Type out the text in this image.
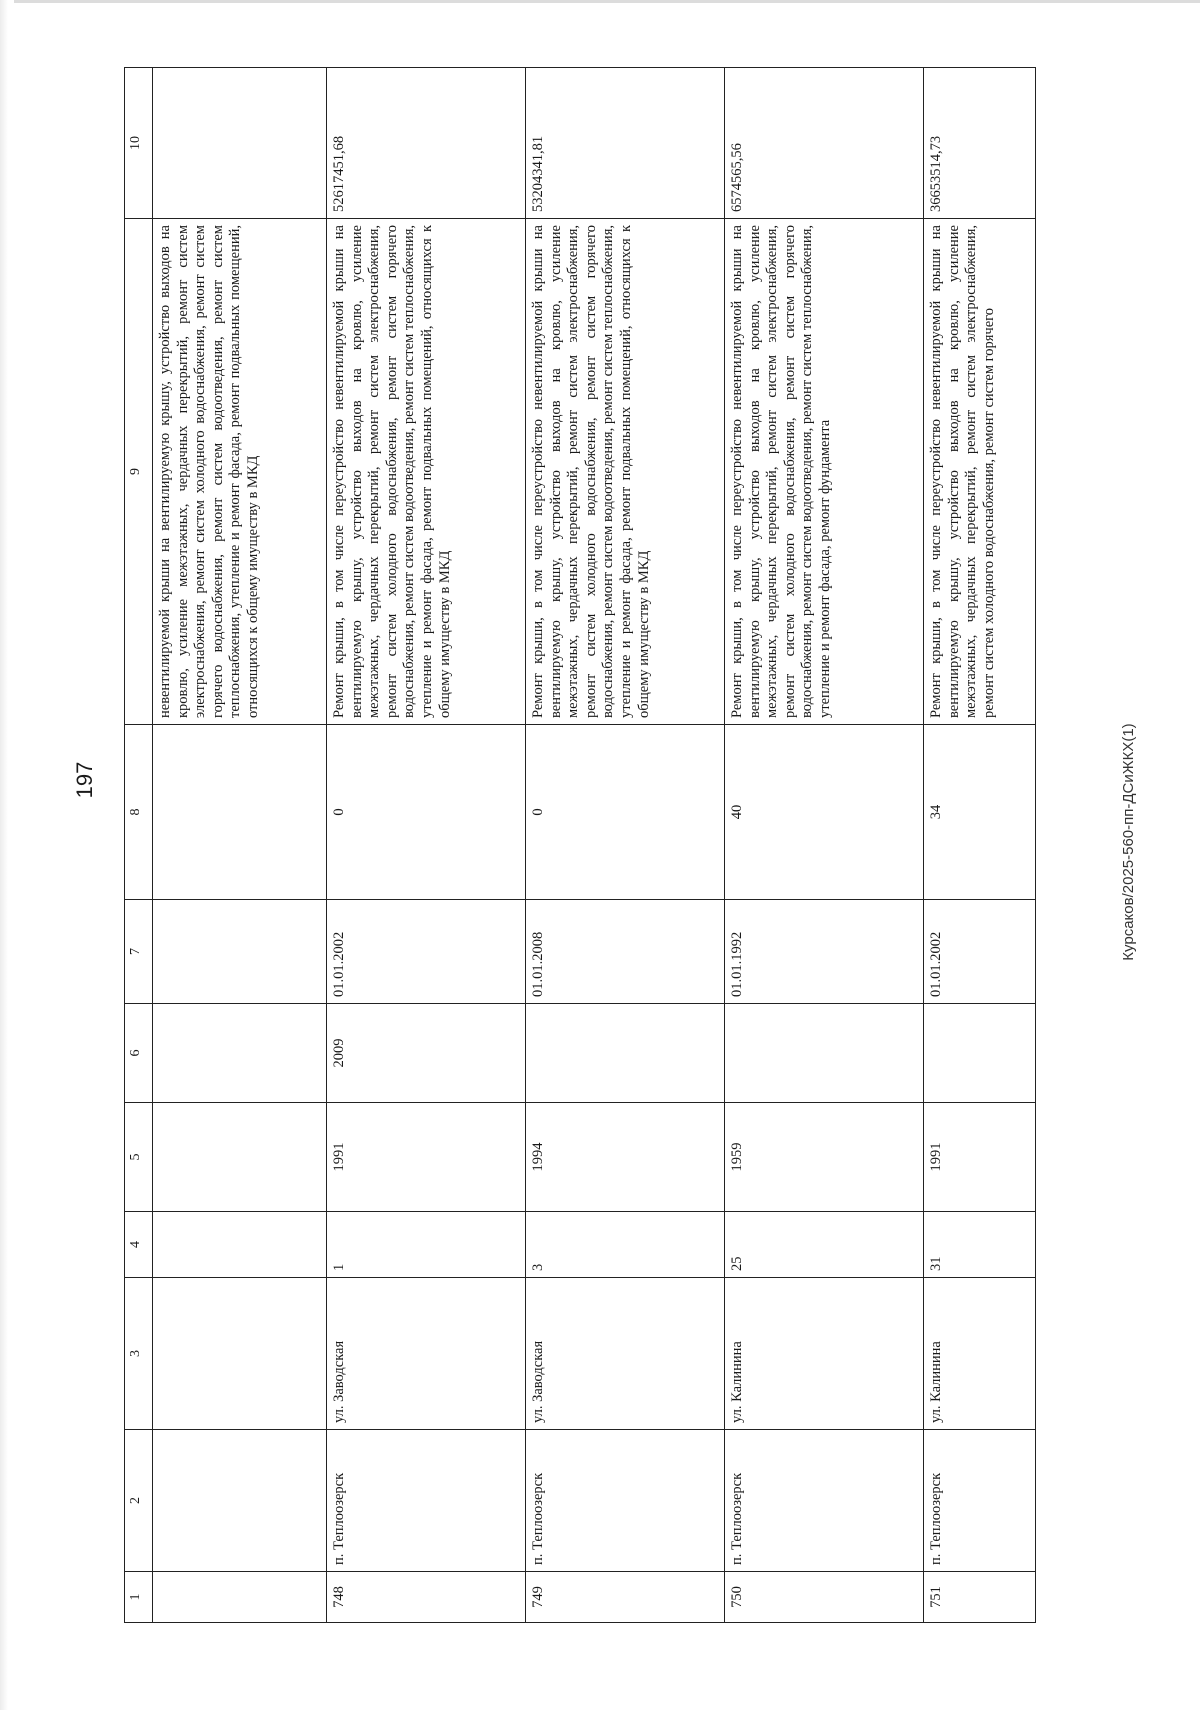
197	Курсаков/2025-560-пп-ДСиЖКХ(1)
1	2	3	4	5	6	7	8	9	10
								невентилируемой крыши на вентилируемую крышу, устройство выходов на кровлю, усиление межэтажных, чердачных перекрытий, ремонт систем электроснабжения, ремонт систем холодного водоснабжения, ремонт систем горячего водоснабжения, ремонт систем водоотведения, ремонт систем теплоснабжения, утепление и ремонт фасада, ремонт подвальных помещений, относящихся к общему имуществу в МКД	
748	п. Теплоозерск	ул. Заводская	1	1991	2009	01.01.2002	0	Ремонт крыши, в том числе переустройство невентилируемой крыши на вентилируемую крышу, устройство выходов на кровлю, усиление межэтажных, чердачных перекрытий, ремонт систем электроснабжения, ремонт систем холодного водоснабжения, ремонт систем горячего водоснабжения, ремонт систем водоотведения, ремонт систем теплоснабжения, утепление и ремонт фасада, ремонт подвальных помещений, относящихся к общему имуществу в МКД	52617451,68
749	п. Теплоозерск	ул. Заводская	3	1994		01.01.2008	0	Ремонт крыши, в том числе переустройство невентилируемой крыши на вентилируемую крышу, устройство выходов на кровлю, усиление межэтажных, чердачных перекрытий, ремонт систем электроснабжения, ремонт систем холодного водоснабжения, ремонт систем горячего водоснабжения, ремонт систем водоотведения, ремонт систем теплоснабжения, утепление и ремонт фасада, ремонт подвальных помещений, относящихся к общему имуществу в МКД	53204341,81
750	п. Теплоозерск	ул. Калинина	25	1959		01.01.1992	40	Ремонт крыши, в том числе переустройство невентилируемой крыши на вентилируемую крышу, устройство выходов на кровлю, усиление межэтажных, чердачных перекрытий, ремонт систем электроснабжения, ремонт систем холодного водоснабжения, ремонт систем горячего водоснабжения, ремонт систем водоотведения, ремонт систем теплоснабжения, утепление и ремонт фасада, ремонт фундамента	6574565,56
751	п. Теплоозерск	ул. Калинина	31	1991		01.01.2002	34	Ремонт крыши, в том числе переустройство невентилируемой крыши на вентилируемую крышу, устройство выходов на кровлю, усиление межэтажных, чердачных перекрытий, ремонт систем электроснабжения, ремонт систем холодного водоснабжения, ремонт систем горячего	36653514,73
